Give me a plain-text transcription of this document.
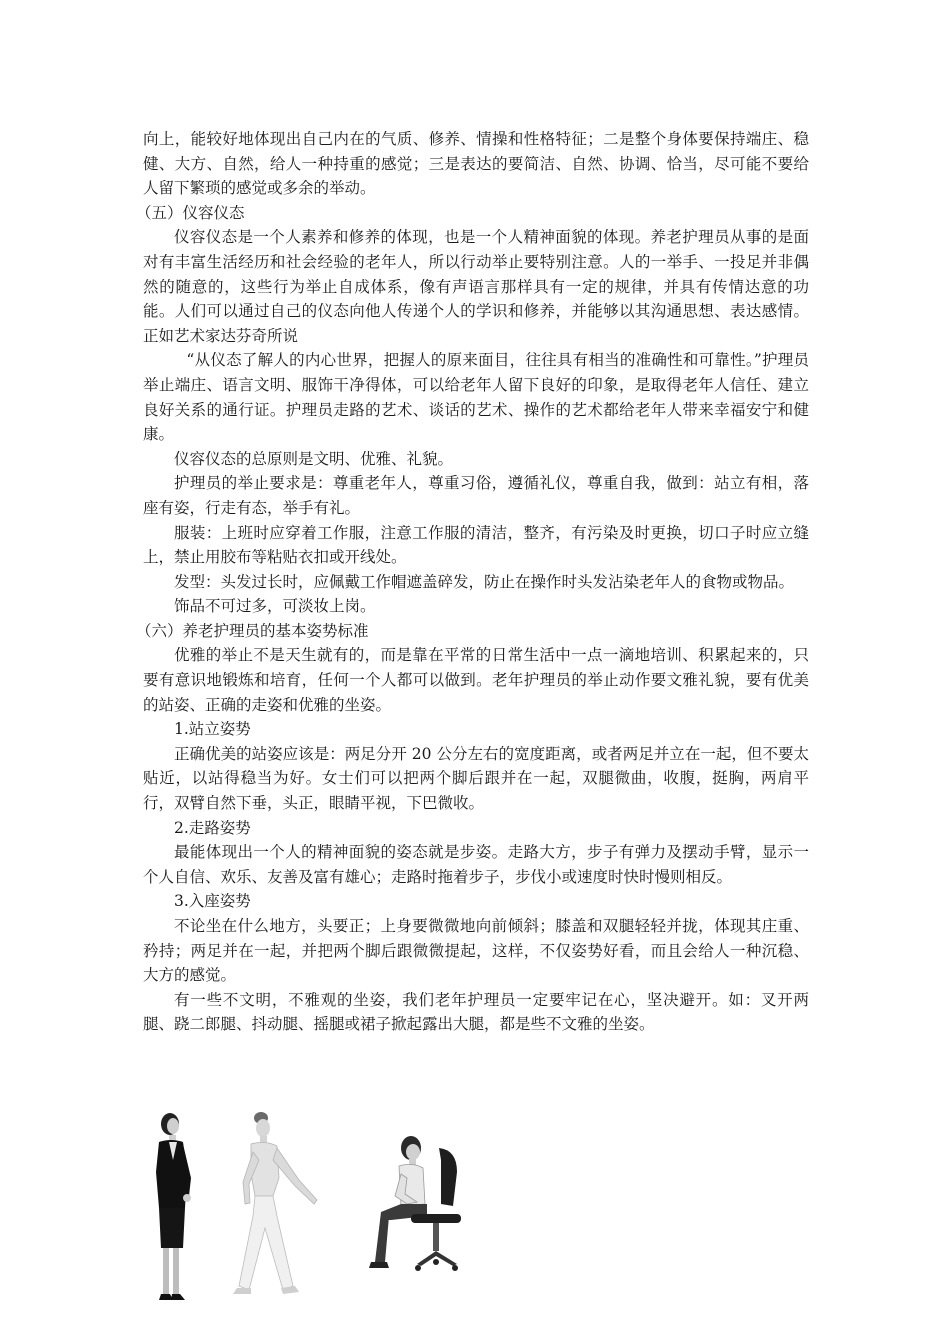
向上，能较好地体现出自己内在的气质、修养、情操和性格特征；二是整个身体要保持端庄、稳健、大方、自然，给人一种持重的感觉；三是表达的要简洁、自然、协调、恰当，尽可能不要给人留下繁琐的感觉或多余的举动。

（五）仪容仪态

仪容仪态是一个人素养和修养的体现，也是一个人精神面貌的体现。养老护理员从事的是面对有丰富生活经历和社会经验的老年人，所以行动举止要特别注意。人的一举手、一投足并非偶然的随意的，这些行为举止自成体系，像有声语言那样具有一定的规律，并具有传情达意的功能。人们可以通过自己的仪态向他人传递个人的学识和修养，并能够以其沟通思想、表达感情。正如艺术家达芬奇所说

“从仪态了解人的内心世界，把握人的原来面目，往往具有相当的准确性和可靠性。”护理员举止端庄、语言文明、服饰干净得体，可以给老年人留下良好的印象，是取得老年人信任、建立良好关系的通行证。护理员走路的艺术、谈话的艺术、操作的艺术都给老年人带来幸福安宁和健康。

仪容仪态的总原则是文明、优雅、礼貌。

护理员的举止要求是：尊重老年人，尊重习俗，遵循礼仪，尊重自我，做到：站立有相，落座有姿，行走有态，举手有礼。

服装：上班时应穿着工作服，注意工作服的清洁，整齐，有污染及时更换，切口子时应立缝上，禁止用胶布等粘贴衣扣或开线处。

发型：头发过长时，应佩戴工作帽遮盖碎发，防止在操作时头发沾染老年人的食物或物品。

饰品不可过多，可淡妆上岗。

（六）养老护理员的基本姿势标准

优雅的举止不是天生就有的，而是靠在平常的日常生活中一点一滴地培训、积累起来的，只要有意识地锻炼和培育，任何一个人都可以做到。老年护理员的举止动作要文雅礼貌，要有优美的站姿、正确的走姿和优雅的坐姿。

1.站立姿势

正确优美的站姿应该是：两足分开 20 公分左右的宽度距离，或者两足并立在一起，但不要太贴近，以站得稳当为好。女士们可以把两个脚后跟并在一起，双腿微曲，收腹，挺胸，两肩平行，双臂自然下垂，头正，眼睛平视，下巴微收。

2.走路姿势

最能体现出一个人的精神面貌的姿态就是步姿。走路大方，步子有弹力及摆动手臂，显示一个人自信、欢乐、友善及富有雄心；走路时拖着步子，步伐小或速度时快时慢则相反。

3.入座姿势

不论坐在什么地方，头要正；上身要微微地向前倾斜；膝盖和双腿轻轻并拢，体现其庄重、矜持；两足并在一起，并把两个脚后跟微微提起，这样，不仅姿势好看，而且会给人一种沉稳、大方的感觉。

有一些不文明，不雅观的坐姿，我们老年护理员一定要牢记在心，坚决避开。如：叉开两腿、跷二郎腿、抖动腿、摇腿或裙子掀起露出大腿，都是些不文雅的坐姿。
